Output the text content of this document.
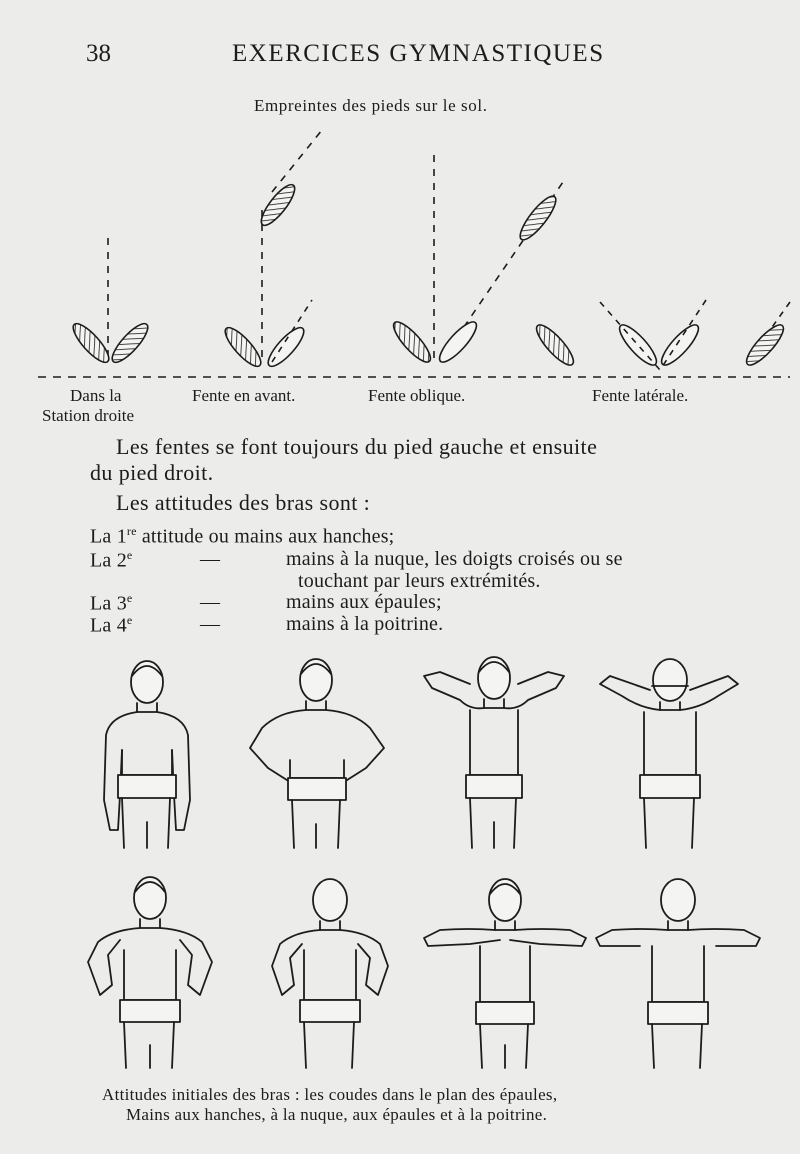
38	EXERCICES GYMNASTIQUES
Empreintes des pieds sur le sol.
Dans la
Station droite
Fente en avant.	Fente oblique.	Fente latérale.
Les fentes se font toujours du pied gauche et ensuite
du pied droit.
Les attitudes des bras sont :
La 1re attitude ou mains aux hanches;
La 2e	—	mains à la nuque, les doigts croisés ou se
touchant par leurs extrémités.
La 3e	—	mains aux épaules;
La 4e	—	mains à la poitrine.
Attitudes initiales des bras : les coudes dans le plan des épaules,
Mains aux hanches, à la nuque, aux épaules et à la poitrine.
